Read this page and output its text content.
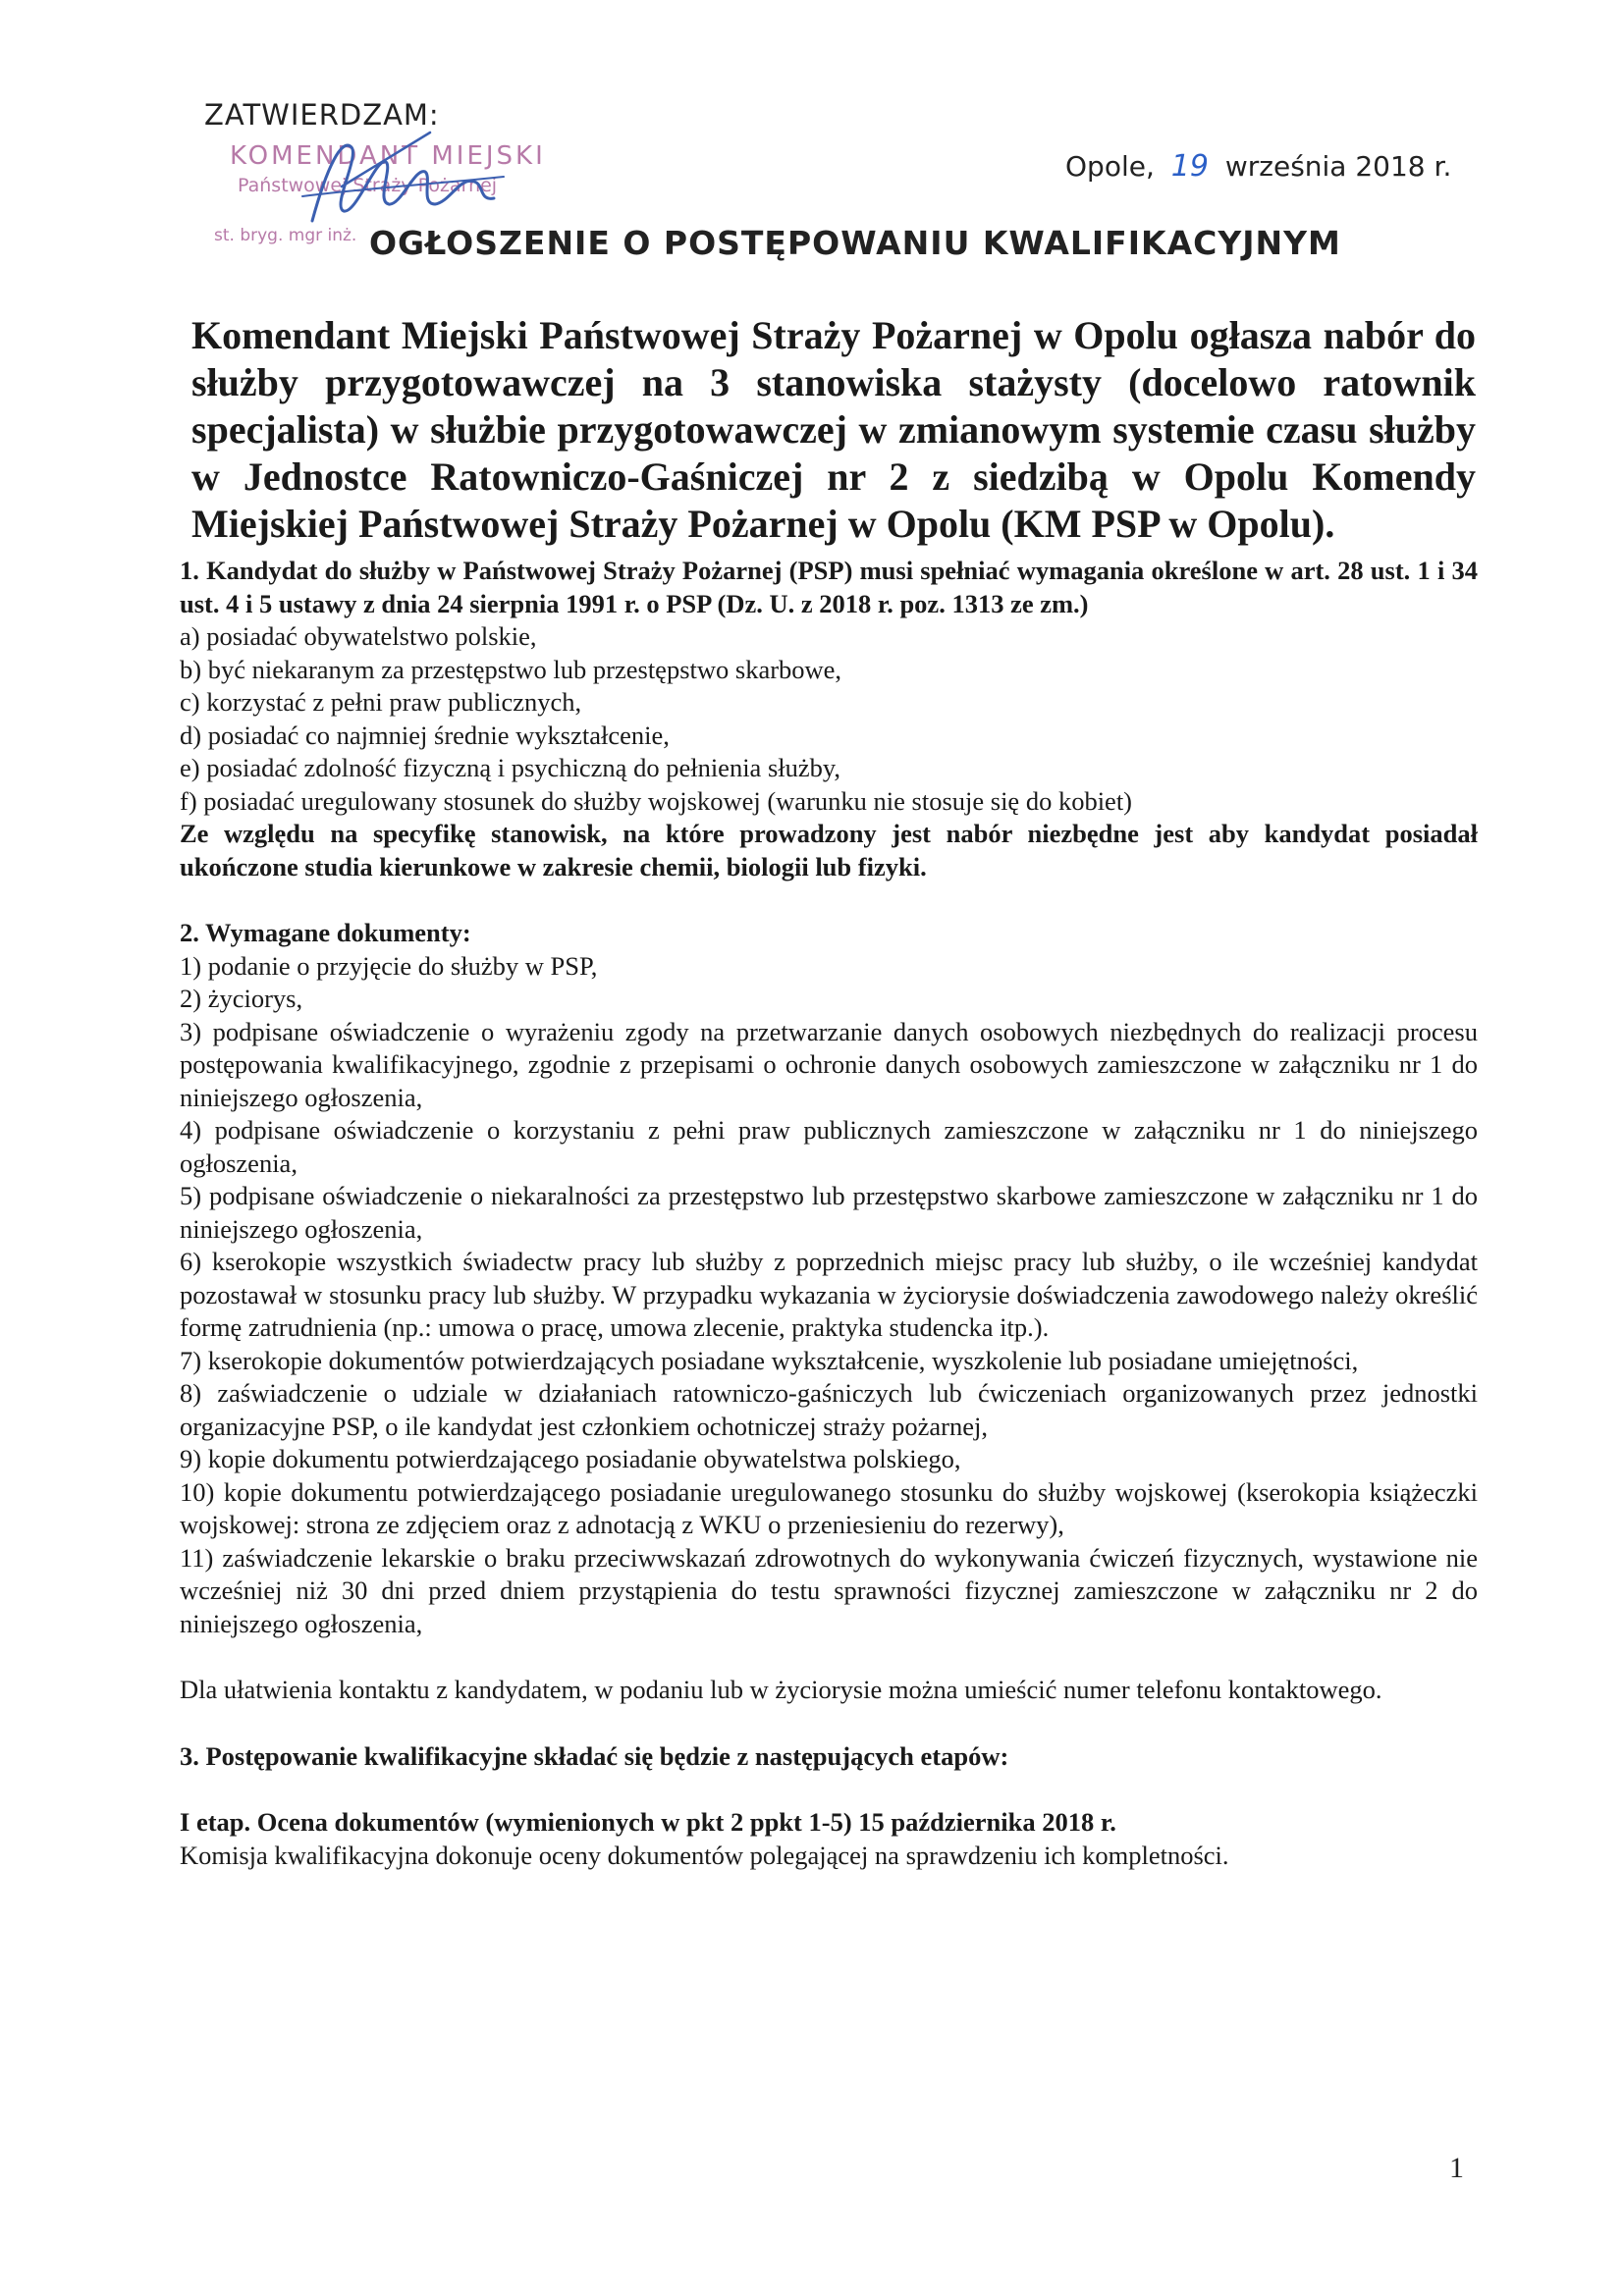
ZATWIERDZAM:
KOMENDANT MIEJSKI
Państwowej Straży Pożarnej
st. bryg. mgr inż.
Opole, 19 września 2018 r.
OGŁOSZENIE O POSTĘPOWANIU KWALIFIKACYJNYM
Komendant Miejski Państwowej Straży Pożarnej w Opolu ogłasza nabór do służby przygotowawczej na 3 stanowiska stażysty (docelowo ratownik specjalista) w służbie przygotowawczej w zmianowym systemie czasu służby w Jednostce Ratowniczo-Gaśniczej nr 2 z siedzibą w Opolu Komendy Miejskiej Państwowej Straży Pożarnej w Opolu (KM PSP w Opolu).

1. Kandydat do służby w Państwowej Straży Pożarnej (PSP) musi spełniać wymagania określone w art. 28 ust. 1 i 34 ust. 4 i 5 ustawy z dnia 24 sierpnia 1991 r. o PSP (Dz. U. z 2018 r. poz. 1313 ze zm.)

a) posiadać obywatelstwo polskie,

b) być niekaranym za przestępstwo lub przestępstwo skarbowe,

c) korzystać z pełni praw publicznych,

d) posiadać co najmniej średnie wykształcenie,

e) posiadać zdolność fizyczną i psychiczną do pełnienia służby,

f) posiadać uregulowany stosunek do służby wojskowej (warunku nie stosuje się do kobiet)

Ze względu na specyfikę stanowisk, na które prowadzony jest nabór niezbędne jest aby kandydat posiadał ukończone studia kierunkowe w zakresie chemii, biologii lub fizyki.

2. Wymagane dokumenty:

1) podanie o przyjęcie do służby w PSP,

2) życiorys,

3) podpisane oświadczenie o wyrażeniu zgody na przetwarzanie danych osobowych niezbędnych do realizacji procesu postępowania kwalifikacyjnego, zgodnie z przepisami o ochronie danych osobowych zamieszczone w załączniku nr 1 do niniejszego ogłoszenia,

4) podpisane oświadczenie o korzystaniu z pełni praw publicznych zamieszczone w załączniku nr 1 do niniejszego ogłoszenia,

5) podpisane oświadczenie o niekaralności za przestępstwo lub przestępstwo skarbowe zamieszczone w załączniku nr 1 do niniejszego ogłoszenia,

6) kserokopie wszystkich świadectw pracy lub służby z poprzednich miejsc pracy lub służby, o ile wcześniej kandydat pozostawał w stosunku pracy lub służby. W przypadku wykazania w życiorysie doświadczenia zawodowego należy określić formę zatrudnienia (np.: umowa o pracę, umowa zlecenie, praktyka studencka itp.).

7) kserokopie dokumentów potwierdzających posiadane wykształcenie, wyszkolenie lub posiadane umiejętności,

8) zaświadczenie o udziale w działaniach ratowniczo-gaśniczych lub ćwiczeniach organizowanych przez jednostki organizacyjne PSP, o ile kandydat jest członkiem ochotniczej straży pożarnej,

9) kopie dokumentu potwierdzającego posiadanie obywatelstwa polskiego,

10) kopie dokumentu potwierdzającego posiadanie uregulowanego stosunku do służby wojskowej (kserokopia książeczki wojskowej: strona ze zdjęciem oraz z adnotacją z WKU o przeniesieniu do rezerwy),

11) zaświadczenie lekarskie o braku przeciwwskazań zdrowotnych do wykonywania ćwiczeń fizycznych, wystawione nie wcześniej niż 30 dni przed dniem przystąpienia do testu sprawności fizycznej zamieszczone w załączniku nr 2 do niniejszego ogłoszenia,

Dla ułatwienia kontaktu z kandydatem, w podaniu lub w życiorysie można umieścić numer telefonu kontaktowego.

3. Postępowanie kwalifikacyjne składać się będzie z następujących etapów:

I etap. Ocena dokumentów (wymienionych w pkt 2 ppkt 1-5) 15 października 2018 r.

Komisja kwalifikacyjna dokonuje oceny dokumentów polegającej na sprawdzeniu ich kompletności.

1
